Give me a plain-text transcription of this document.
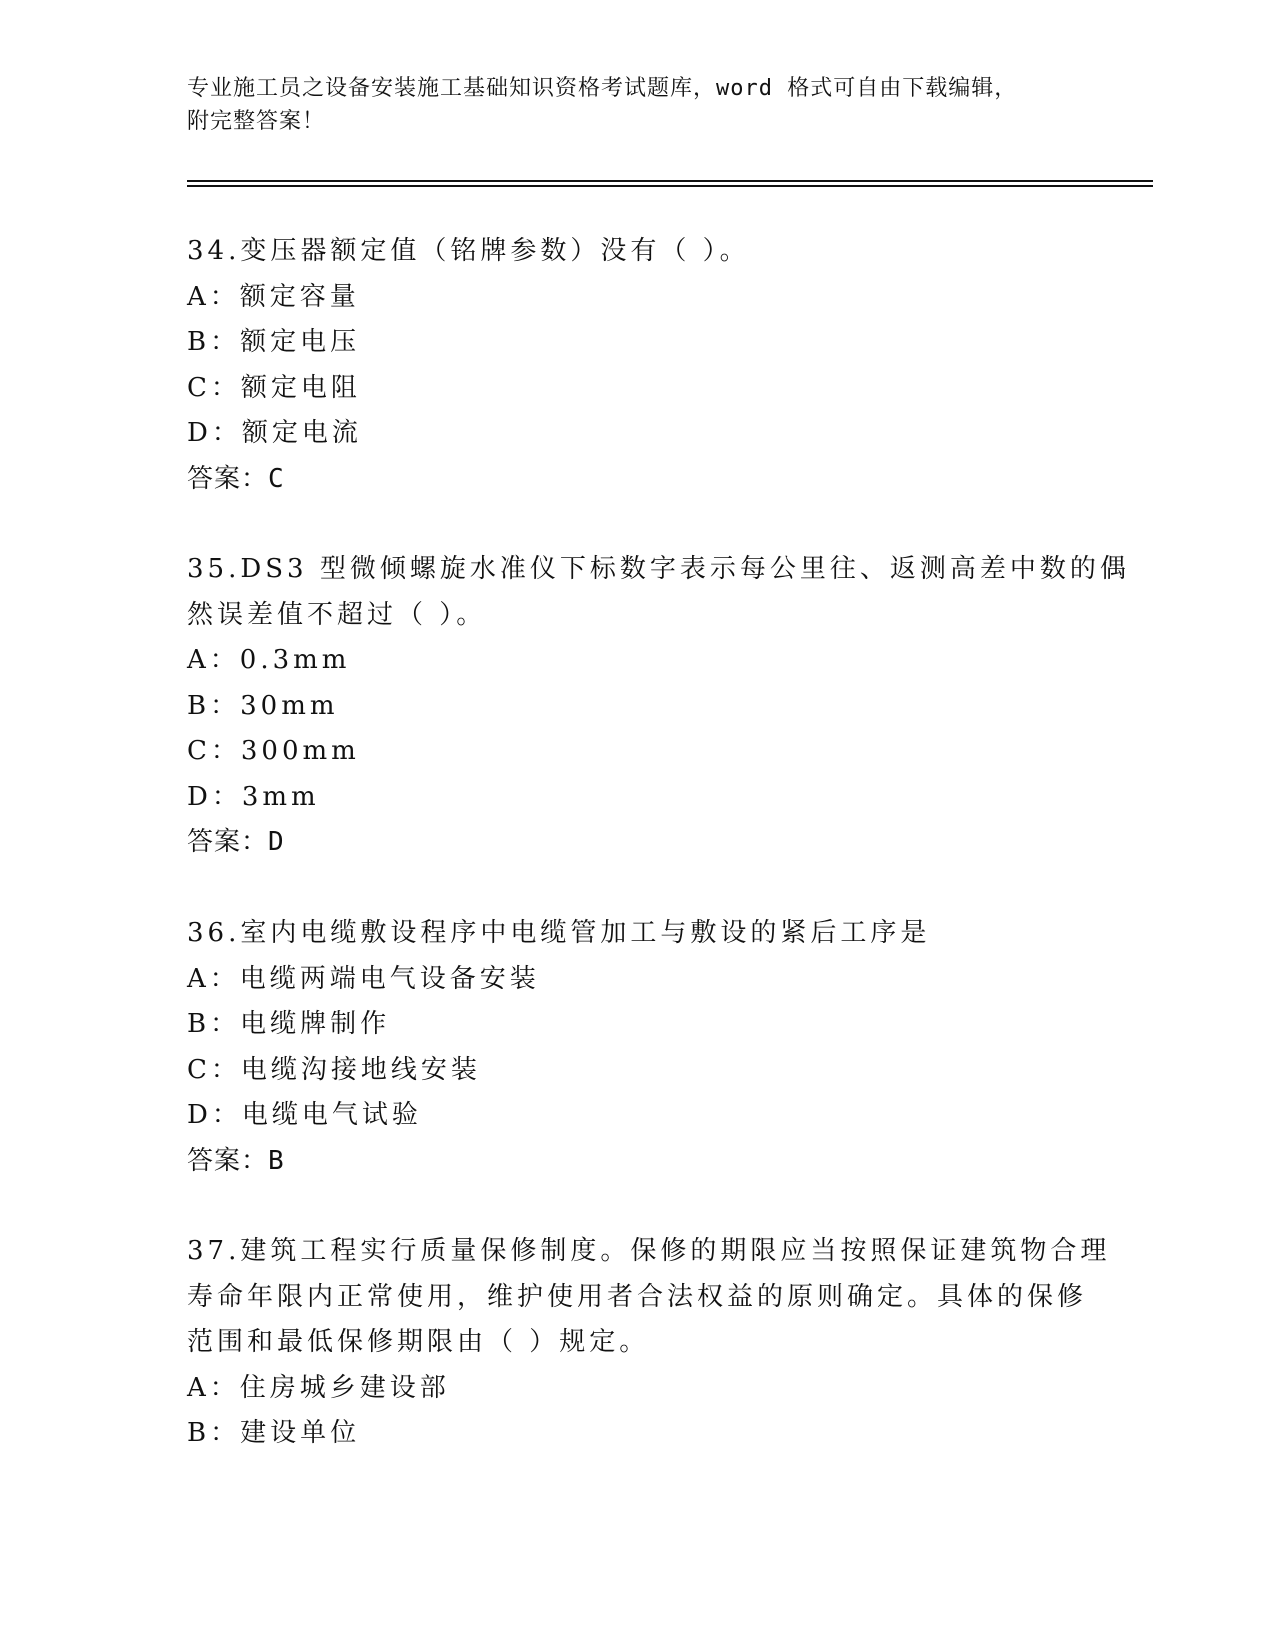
专业施工员之设备安装施工基础知识资格考试题库，word 格式可自由下载编辑，
附完整答案！
34.变压器额定值（铭牌参数）没有（ ）。
A：额定容量
B：额定电压
C：额定电阻
D：额定电流
答案：C
35.DS3 型微倾螺旋水准仪下标数字表示每公里往、返测高差中数的偶
然误差值不超过（ ）。
A：0.3mm
B：30mm
C：300mm
D：3mm
答案：D
36.室内电缆敷设程序中电缆管加工与敷设的紧后工序是
A：电缆两端电气设备安装
B：电缆牌制作
C：电缆沟接地线安装
D：电缆电气试验
答案：B
37.建筑工程实行质量保修制度。保修的期限应当按照保证建筑物合理
寿命年限内正常使用，维护使用者合法权益的原则确定。具体的保修
范围和最低保修期限由（ ）规定。
A：住房城乡建设部
B：建设单位
